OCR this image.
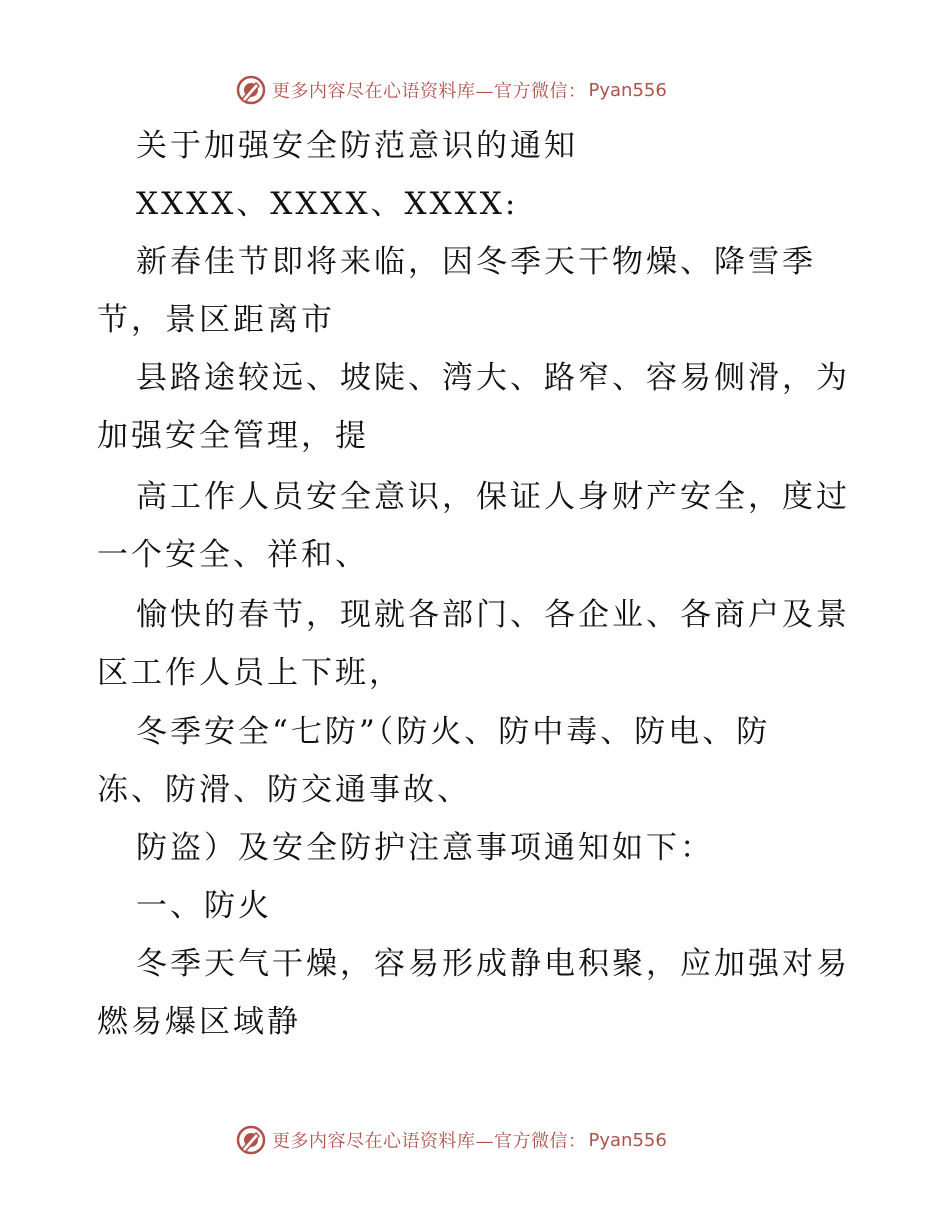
更多内容尽在心语资料库—官方微信： Pyan556
关于加强安全防范意识的通知
XXXX、XXXX、XXXX:
新春佳节即将来临，因冬季天干物燥、降雪季
节，景区距离市
县路途较远、坡陡、湾大、路窄、容易侧滑，为
加强安全管理，提
高工作人员安全意识，保证人身财产安全，度过
一个安全、祥和、
愉快的春节，现就各部门、各企业、各商户及景
区工作人员上下班，
冬季安全“七防”（防火、防中毒、防电、防
冻、防滑、防交通事故、
防盗）及安全防护注意事项通知如下：
一、防火
冬季天气干燥，容易形成静电积聚，应加强对易
燃易爆区域静
更多内容尽在心语资料库—官方微信： Pyan556
